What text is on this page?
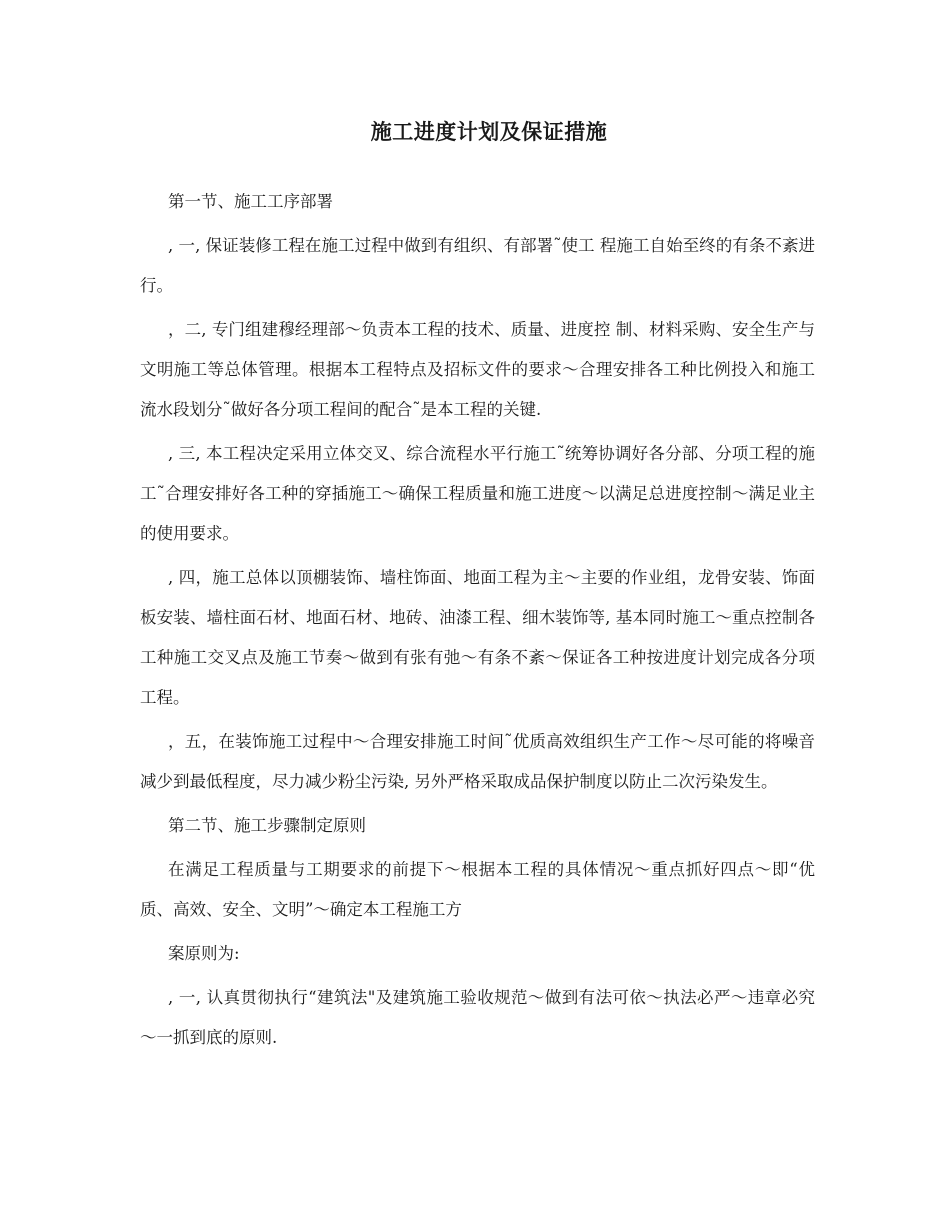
施工进度计划及保证措施

第一节、施工工序部署

, 一, 保证装修工程在施工过程中做到有组织、有部署˜使工 程施工自始至终的有条不紊进行。

，二, 专门组建穆经理部～负责本工程的技术、质量、进度控 制、材料采购、安全生产与文明施工等总体管理。根据本工程特点及招标文件的要求～合理安排各工种比例投入和施工流水段划分˜做好各分项工程间的配合˜是本工程的关键.

, 三, 本工程决定采用立体交叉、综合流程水平行施工˜统筹协调好各分部、分项工程的施工˜合理安排好各工种的穿插施工～确保工程质量和施工进度～以满足总进度控制～满足业主的使用要求。

, 四，施工总体以顶棚装饰、墙柱饰面、地面工程为主～主要的作业组，龙骨安装、饰面板安装、墙柱面石材、地面石材、地砖、油漆工程、细木装饰等, 基本同时施工～重点控制各工种施工交叉点及施工节奏～做到有张有弛～有条不紊～保证各工种按进度计划完成各分项工程。

，五，在装饰施工过程中～合理安排施工时间˜优质高效组织生产工作～尽可能的将噪音减少到最低程度，尽力减少粉尘污染, 另外严格采取成品保护制度以防止二次污染发生。

第二节、施工步骤制定原则

在满足工程质量与工期要求的前提下～根据本工程的具体情况～重点抓好四点～即“优质、高效、安全、文明”～确定本工程施工方

案原则为:

, 一, 认真贯彻执行“建筑法"及建筑施工验收规范～做到有法可依～执法必严～违章必究～一抓到底的原则.
